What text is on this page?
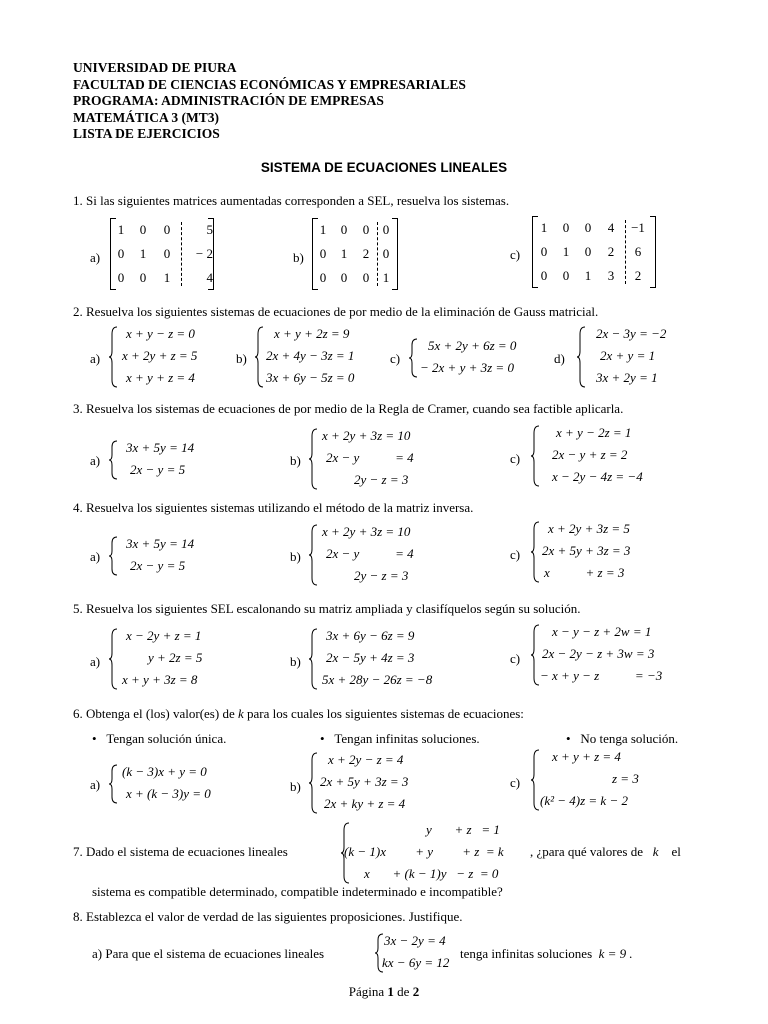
UNIVERSIDAD DE PIURA
FACULTAD DE CIENCIAS ECONÓMICAS Y EMPRESARIALES
PROGRAMA: ADMINISTRACIÓN DE EMPRESAS
MATEMÁTICA 3 (MT3)
LISTA DE EJERCICIOS
SISTEMA DE ECUACIONES LINEALES
1. Si las siguientes matrices aumentadas corresponden a SEL, resuelva los sistemas.
a)
1	0	0	5
0	1	0	− 2
0	0	1	4
b)
1	0	0	0
0	1	2	0
0	0	0	1
c)
1	0	0	4	−1
0	1	0	2	6
0	0	1	3	2
2. Resuelva los siguientes sistemas de ecuaciones de por medio de la eliminación de Gauss matricial.
a)
x + y − z = 0
x + 2y + z = 5
x + y + z = 4
b)
x + y + 2z = 9
2x + 4y − 3z = 1
3x + 6y − 5z = 0
c)
5x + 2y + 6z = 0
− 2x + y + 3z = 0
d)
2x − 3y = −2
2x + y = 1
3x + 2y = 1
3. Resuelva los sistemas de ecuaciones de por medio de la Regla de Cramer, cuando sea factible aplicarla.
a)
3x + 5y = 14
2x − y = 5
b)
x + 2y + 3z = 10
2x − y           = 4
2y − z = 3
c)
x + y − 2z = 1
2x − y + z = 2
x − 2y − 4z = −4
4. Resuelva los siguientes sistemas utilizando el método de la matriz inversa.
a)
3x + 5y = 14
2x − y = 5
b)
x + 2y + 3z = 10
2x − y           = 4
2y − z = 3
c)
x + 2y + 3z = 5
2x + 5y + 3z = 3
x           + z = 3
5. Resuelva los siguientes SEL escalonando su matriz ampliada y clasifíquelos según su solución.
a)
x − 2y + z = 1
y + 2z = 5
x + y + 3z = 8
b)
3x + 6y − 6z = 9
2x − 5y + 4z = 3
5x + 28y − 26z = −8
c)
x − y − z + 2w = 1
2x − 2y − z + 3w = 3
− x + y − z           = −3
6. Obtenga el (los) valor(es) de k para los cuales los siguientes sistemas de ecuaciones:
•   Tengan solución única.	•   Tengan infinitas soluciones.	•   No tenga solución.
a)
(k − 3)x + y = 0
x + (k − 3)y = 0	b)
x + 2y − z = 4
2x + 5y + 3z = 3
2x + ky + z = 4
c)
x + y + z = 4
z = 3
(k² − 4)z = k − 2
7. Dado el sistema de ecuaciones lineales
y       + z   = 1
(k − 1)x         + y         + z  = k
x       + (k − 1)y   − z  = 0
, ¿para qué valores de k el
sistema es compatible determinado, compatible indeterminado e incompatible?
8. Establezca el valor de verdad de las siguientes proposiciones. Justifique.
a) Para que el sistema de ecuaciones lineales
3x − 2y = 4
kx − 6y = 12
tenga infinitas soluciones k = 9 .
Página 1 de 2
